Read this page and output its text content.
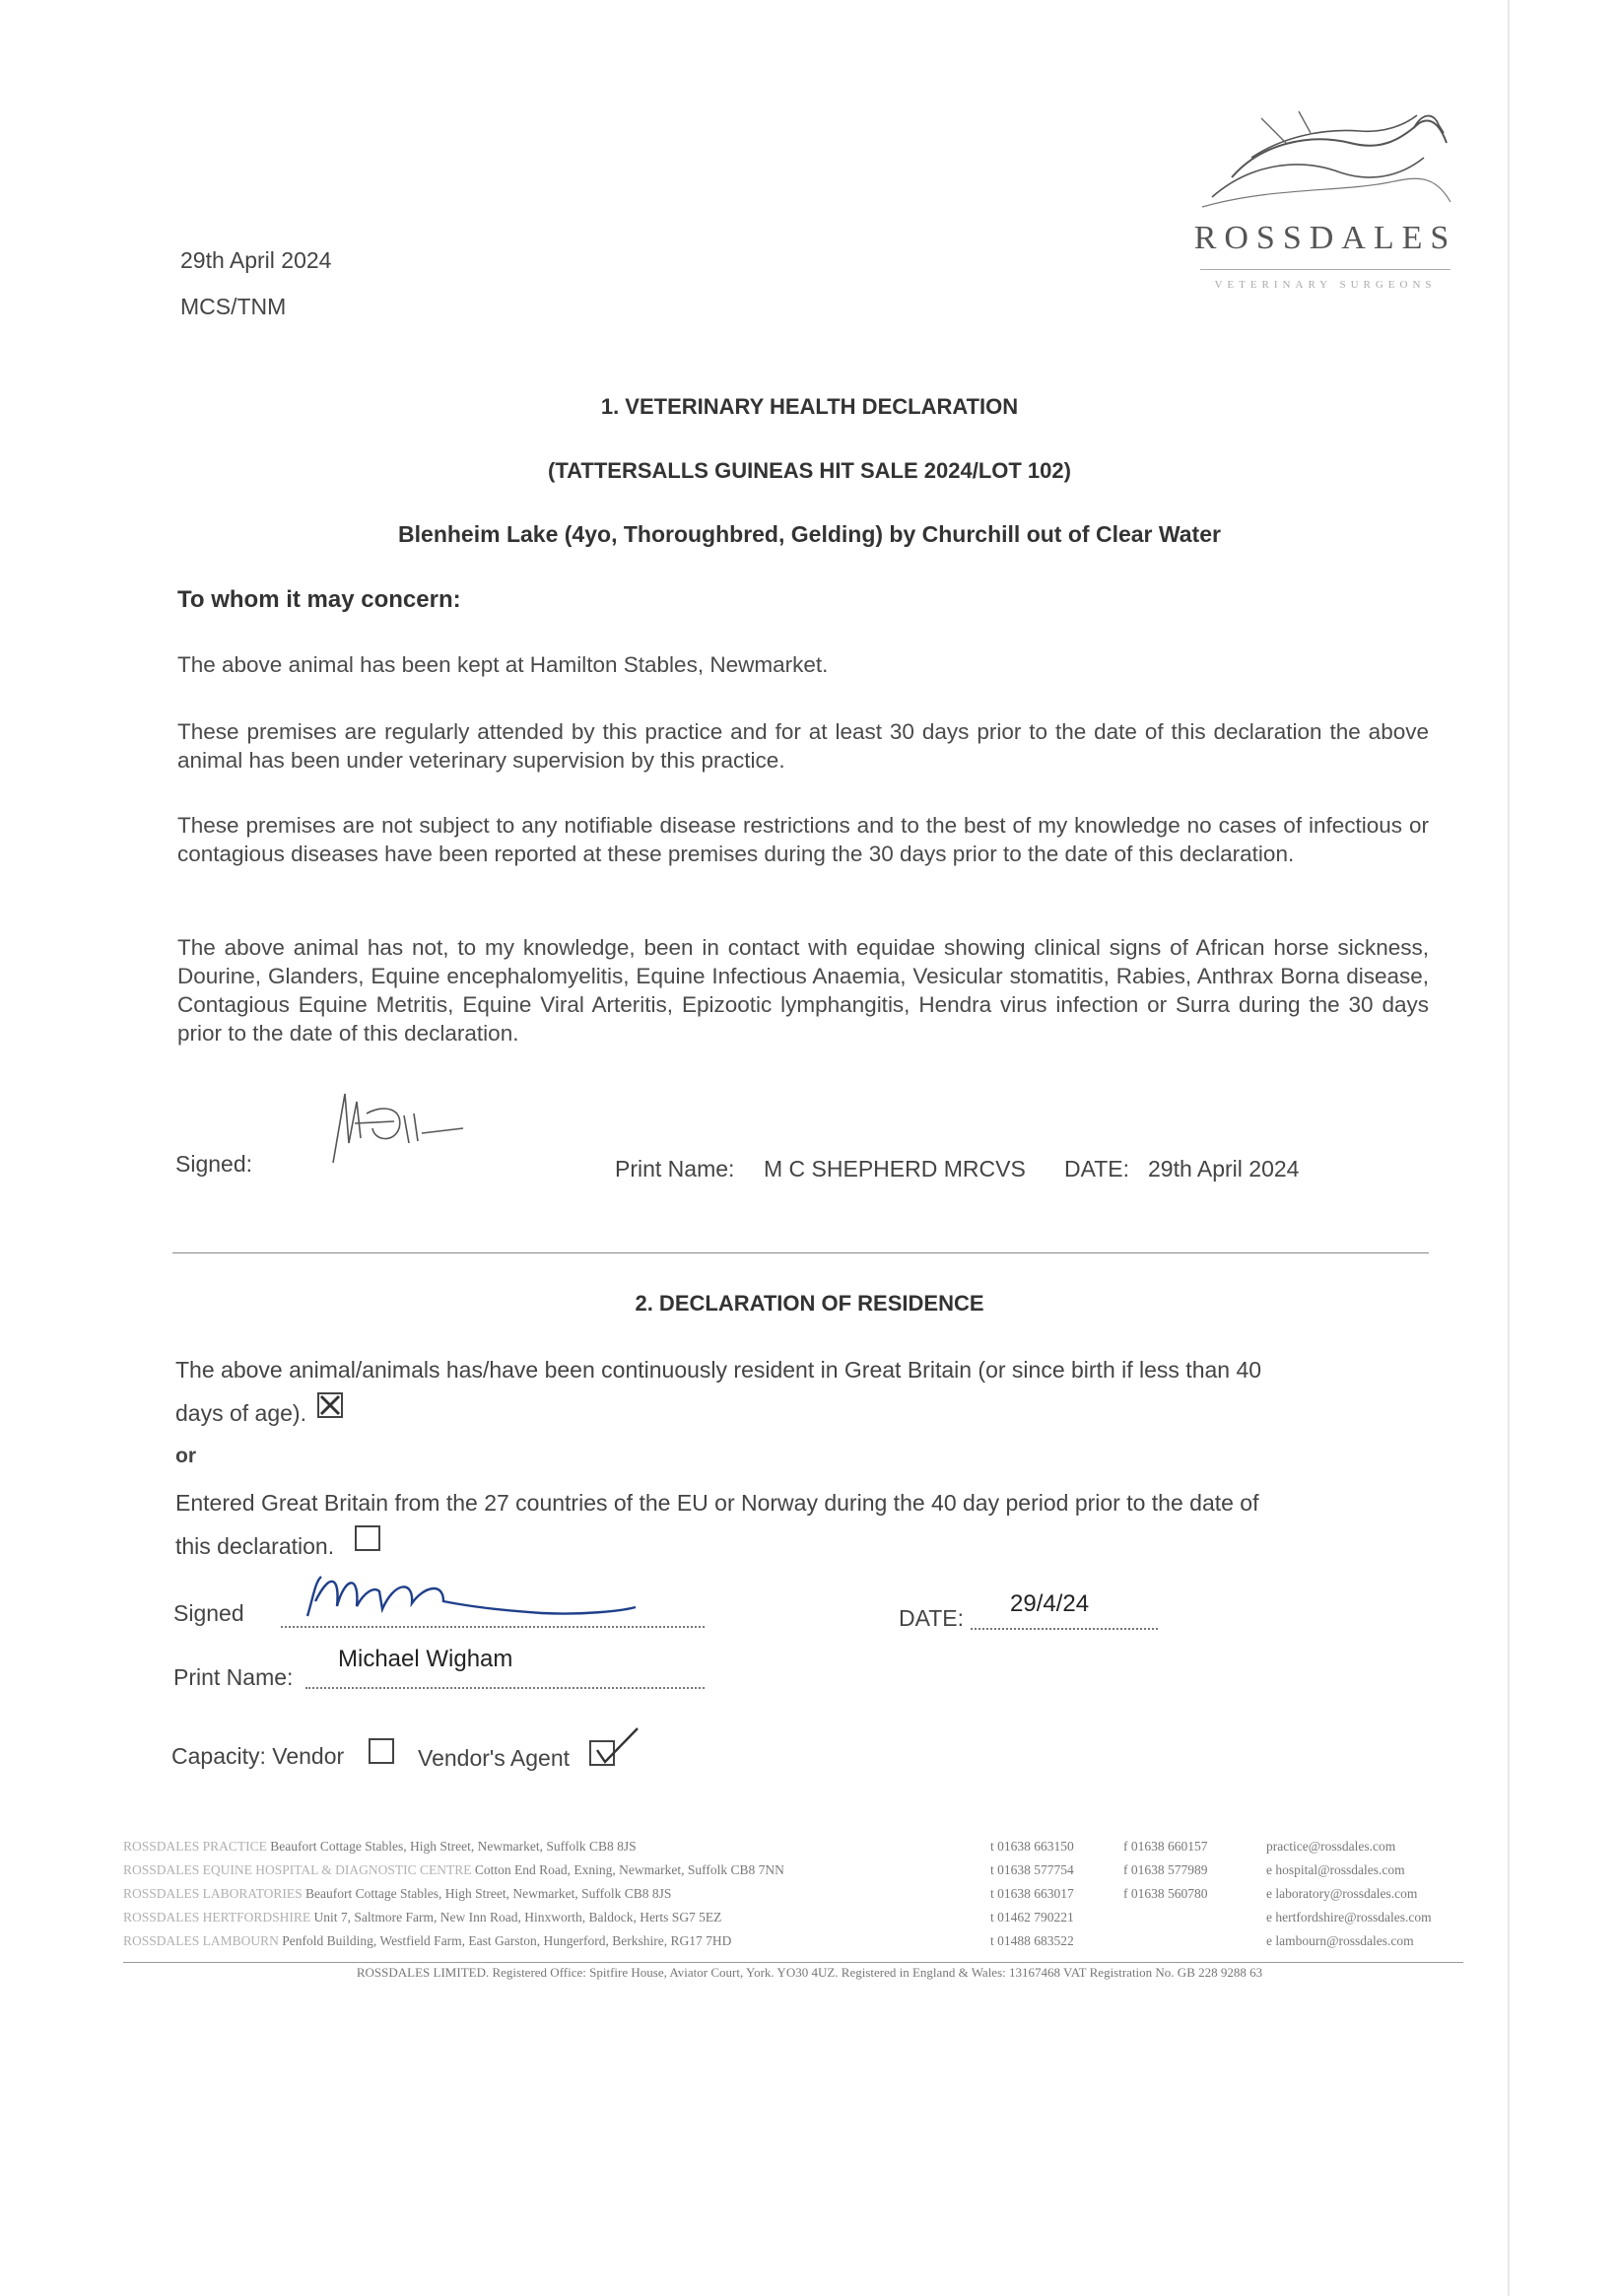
ROSSDALES
VETERINARY SURGEONS
29th April 2024
MCS/TNM
1. VETERINARY HEALTH DECLARATION
(TATTERSALLS GUINEAS HIT SALE 2024/LOT 102)
Blenheim Lake (4yo, Thoroughbred, Gelding) by Churchill out of Clear Water
To whom it may concern:
The above animal has been kept at Hamilton Stables, Newmarket.
These premises are regularly attended by this practice and for at least 30 days prior to the date of this declaration the above animal has been under veterinary supervision by this practice.
These premises are not subject to any notifiable disease restrictions and to the best of my knowledge no cases of infectious or contagious diseases have been reported at these premises during the 30 days prior to the date of this declaration.
The above animal has not, to my knowledge, been in contact with equidae showing clinical signs of African horse sickness, Dourine, Glanders, Equine encephalomyelitis, Equine Infectious Anaemia, Vesicular stomatitis, Rabies, Anthrax Borna disease, Contagious Equine Metritis, Equine Viral Arteritis, Epizootic lymphangitis, Hendra virus infection or Surra during the 30 days prior to the date of this declaration.
Signed:	Print Name: M C SHEPHERD MRCVS DATE: 29th April 2024
2. DECLARATION OF RESIDENCE
The above animal/animals has/have been continuously resident in Great Britain (or since birth if less than 40
days of age).
or
Entered Great Britain from the 27 countries of the EU or Norway during the 40 day period prior to the date of
this declaration.
Signed	DATE:
29/4/24
Print Name:
Michael Wigham
Capacity: Vendor	Vendor's Agent
ROSSDALES PRACTICE Beaufort Cottage Stables, High Street, Newmarket, Suffolk CB8 8JS	t 01638 663150	f 01638 660157	practice@rossdales.com
ROSSDALES EQUINE HOSPITAL & DIAGNOSTIC CENTRE Cotton End Road, Exning, Newmarket, Suffolk CB8 7NN	t 01638 577754	f 01638 577989	e hospital@rossdales.com
ROSSDALES LABORATORIES Beaufort Cottage Stables, High Street, Newmarket, Suffolk CB8 8JS	t 01638 663017	f 01638 560780	e laboratory@rossdales.com
ROSSDALES HERTFORDSHIRE Unit 7, Saltmore Farm, New Inn Road, Hinxworth, Baldock, Herts SG7 5EZ	t 01462 790221	e hertfordshire@rossdales.com
ROSSDALES LAMBOURN Penfold Building, Westfield Farm, East Garston, Hungerford, Berkshire, RG17 7HD	t 01488 683522	e lambourn@rossdales.com
ROSSDALES LIMITED. Registered Office: Spitfire House, Aviator Court, York. YO30 4UZ. Registered in England & Wales: 13167468 VAT Registration No. GB 228 9288 63
